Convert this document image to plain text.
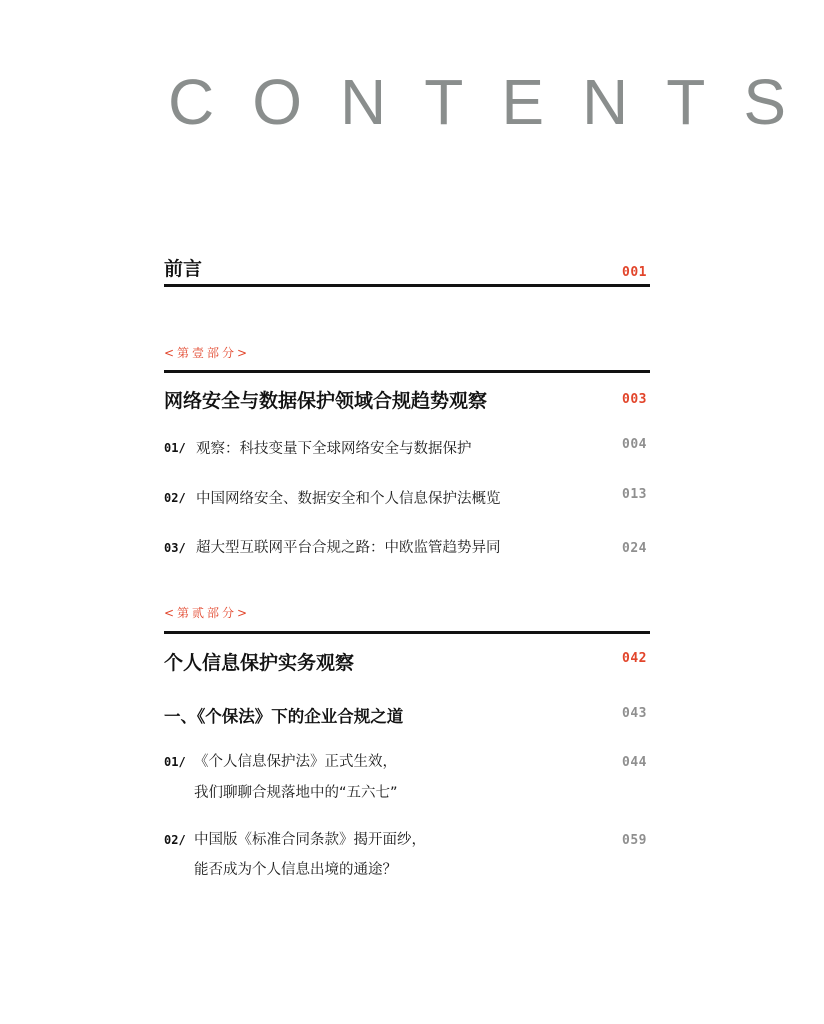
CONTENTS
前言	001
<第壹部分>
网络安全与数据保护领域合规趋势观察	003
01/ 观察：科技变量下全球网络安全与数据保护	004
02/ 中国网络安全、数据安全和个人信息保护法概览	013
03/ 超大型互联网平台合规之路：中欧监管趋势异同	024
<第贰部分>
个人信息保护实务观察	042
一、《个保法》下的企业合规之道	043
01/ 《个人信息保护法》正式生效，
我们聊聊合规落地中的“五六七”
044
02/ 中国版《标准合同条款》揭开面纱，
能否成为个人信息出境的通途？
059
